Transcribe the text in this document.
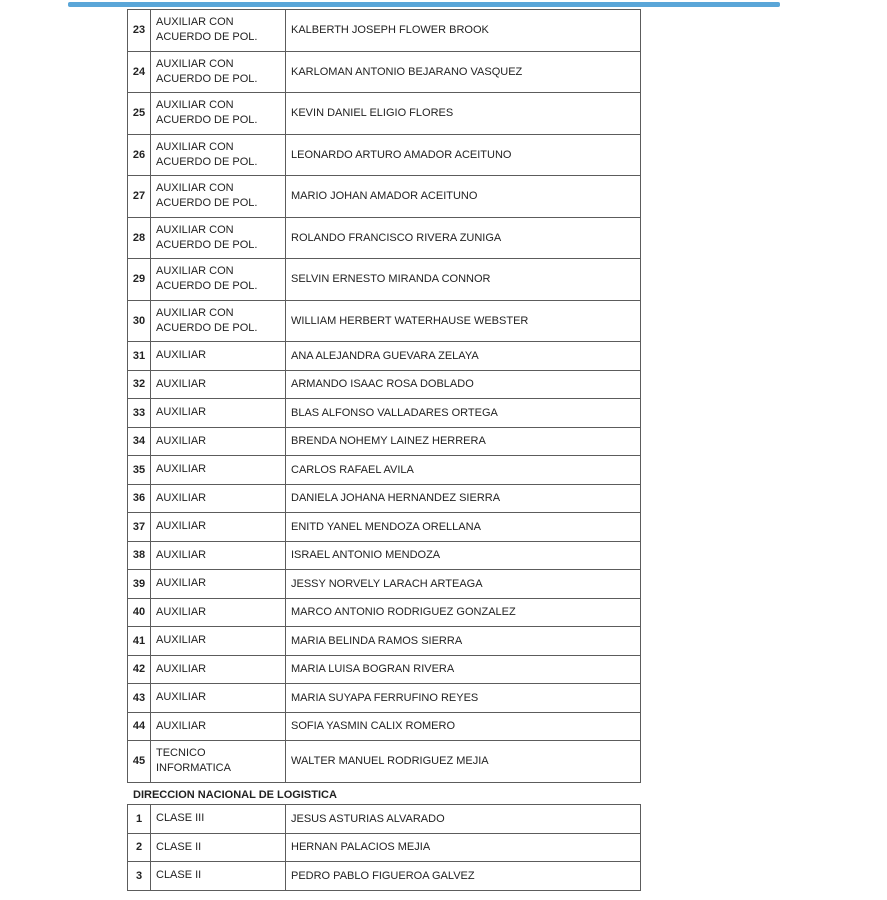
23	AUXILIAR CON ACUERDO DE POL.	KALBERTH JOSEPH FLOWER BROOK
24	AUXILIAR CON ACUERDO DE POL.	KARLOMAN ANTONIO BEJARANO VASQUEZ
25	AUXILIAR CON ACUERDO DE POL.	KEVIN DANIEL ELIGIO FLORES
26	AUXILIAR CON ACUERDO DE POL.	LEONARDO ARTURO AMADOR ACEITUNO
27	AUXILIAR CON ACUERDO DE POL.	MARIO JOHAN AMADOR ACEITUNO
28	AUXILIAR CON ACUERDO DE POL.	ROLANDO FRANCISCO RIVERA ZUNIGA
29	AUXILIAR CON ACUERDO DE POL.	SELVIN ERNESTO MIRANDA CONNOR
30	AUXILIAR CON ACUERDO DE POL.	WILLIAM HERBERT WATERHAUSE WEBSTER
31	AUXILIAR	ANA ALEJANDRA GUEVARA ZELAYA
32	AUXILIAR	ARMANDO ISAAC ROSA DOBLADO
33	AUXILIAR	BLAS ALFONSO VALLADARES ORTEGA
34	AUXILIAR	BRENDA NOHEMY LAINEZ HERRERA
35	AUXILIAR	CARLOS RAFAEL AVILA
36	AUXILIAR	DANIELA JOHANA HERNANDEZ SIERRA
37	AUXILIAR	ENITD YANEL MENDOZA ORELLANA
38	AUXILIAR	ISRAEL ANTONIO MENDOZA
39	AUXILIAR	JESSY NORVELY LARACH ARTEAGA
40	AUXILIAR	MARCO ANTONIO RODRIGUEZ GONZALEZ
41	AUXILIAR	MARIA BELINDA RAMOS SIERRA
42	AUXILIAR	MARIA LUISA BOGRAN RIVERA
43	AUXILIAR	MARIA SUYAPA FERRUFINO REYES
44	AUXILIAR	SOFIA YASMIN CALIX ROMERO
45	TECNICO INFORMATICA	WALTER MANUEL RODRIGUEZ MEJIA

DIRECCION NACIONAL DE LOGISTICA

1	CLASE III	JESUS ASTURIAS ALVARADO
2	CLASE II	HERNAN PALACIOS MEJIA
3	CLASE II	PEDRO PABLO FIGUEROA GALVEZ
